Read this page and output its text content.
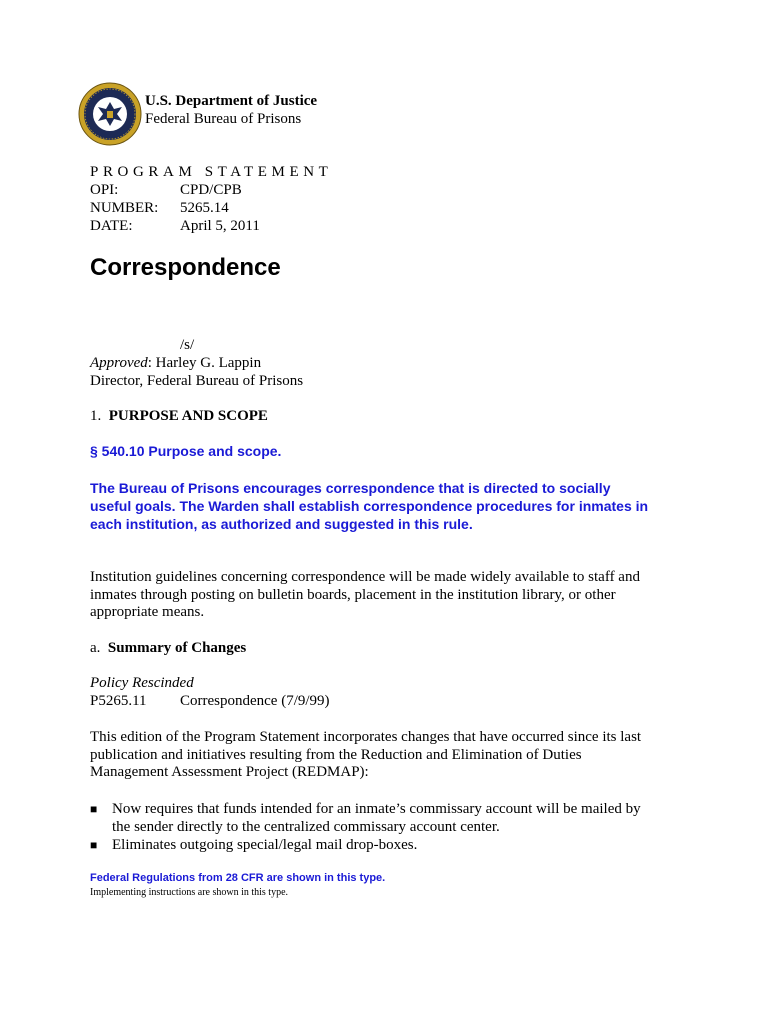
U.S. Department of Justice
Federal Bureau of Prisons
PROGRAM STATEMENT
OPI:	CPD/CPB
NUMBER: 5265.14
DATE:	April 5, 2011
Correspondence
/s/
Approved: Harley G. Lappin
Director, Federal Bureau of Prisons
1. PURPOSE AND SCOPE
§ 540.10 Purpose and scope.
The Bureau of Prisons encourages correspondence that is directed to socially useful goals. The Warden shall establish correspondence procedures for inmates in each institution, as authorized and suggested in this rule.
Institution guidelines concerning correspondence will be made widely available to staff and inmates through posting on bulletin boards, placement in the institution library, or other appropriate means.
a. Summary of Changes
Policy Rescinded
P5265.11 Correspondence (7/9/99)
This edition of the Program Statement incorporates changes that have occurred since its last publication and initiatives resulting from the Reduction and Elimination of Duties Management Assessment Project (REDMAP):
■ Now requires that funds intended for an inmate’s commissary account will be mailed by the sender directly to the centralized commissary account center.
■ Eliminates outgoing special/legal mail drop-boxes.
Federal Regulations from 28 CFR are shown in this type.
Implementing instructions are shown in this type.
